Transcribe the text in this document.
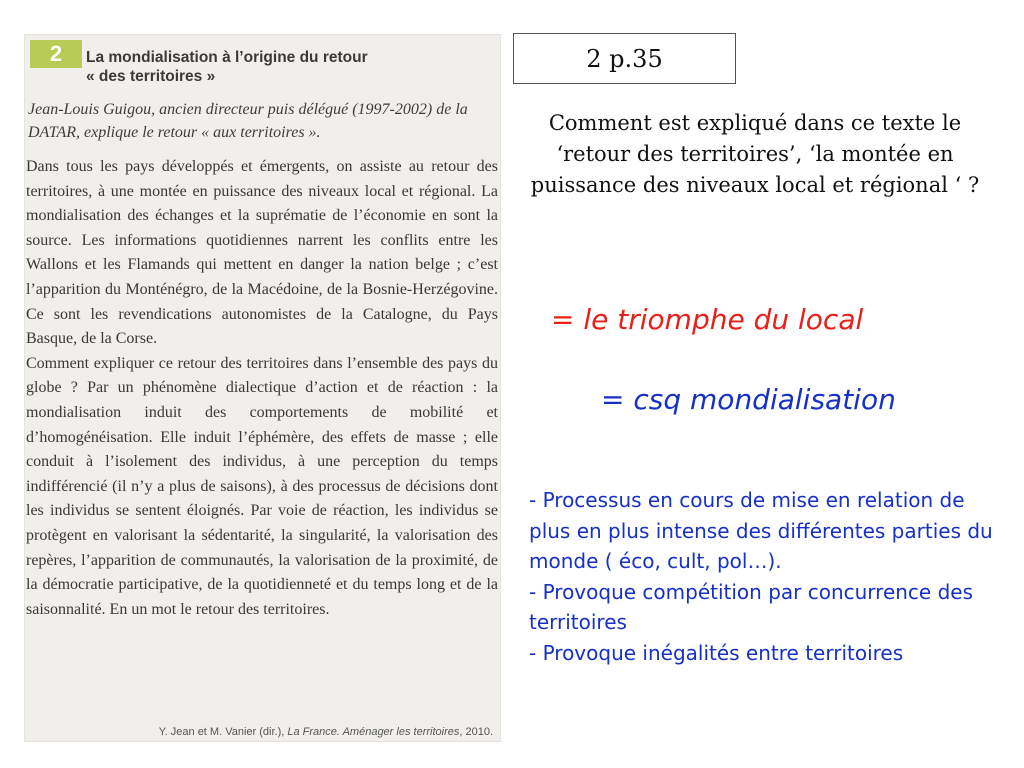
2	La mondialisation à l’origine du retour
« des territoires »
Jean-Louis Guigou, ancien directeur puis délégué (1997-2002) de la DATAR, explique le retour « aux territoires ».

Dans tous les pays développés et émergents, on assiste au retour des territoires, à une montée en puissance des niveaux local et régional. La mondialisation des échanges et la suprématie de l’économie en sont la source. Les informations quotidiennes narrent les conflits entre les Wallons et les Flamands qui mettent en danger la nation belge ; c’est l’apparition du Monténégro, de la Macédoine, de la Bosnie-Herzégovine. Ce sont les revendications autonomistes de la Catalogne, du Pays Basque, de la Corse.

Comment expliquer ce retour des territoires dans l’ensemble des pays du globe ? Par un phénomène dialectique d’action et de réaction : la mondialisation induit des comportements de mobilité et d’homogénéisation. Elle induit l’éphémère, des effets de masse ; elle conduit à l’isolement des individus, à une perception du temps indifférencié (il n’y a plus de saisons), à des processus de décisions dont les individus se sentent éloignés. Par voie de réaction, les individus se protègent en valorisant la sédentarité, la singularité, la valorisation des repères, l’apparition de communautés, la valorisation de la proximité, de la démocratie participative, de la quotidienneté et du temps long et de la saisonnalité. En un mot le retour des territoires.

Y. Jean et M. Vanier (dir.), La France. Aménager les territoires, 2010.
2 p.35
Comment est expliqué dans ce texte le ‘retour des territoires’, ‘la montée en puissance des niveaux local et régional ‘ ?
= le triomphe du local
= csq mondialisation
- Processus en cours de mise en relation de plus en plus intense des différentes parties du monde ( éco, cult, pol…).
- Provoque compétition par concurrence des territoires
- Provoque inégalités entre territoires
